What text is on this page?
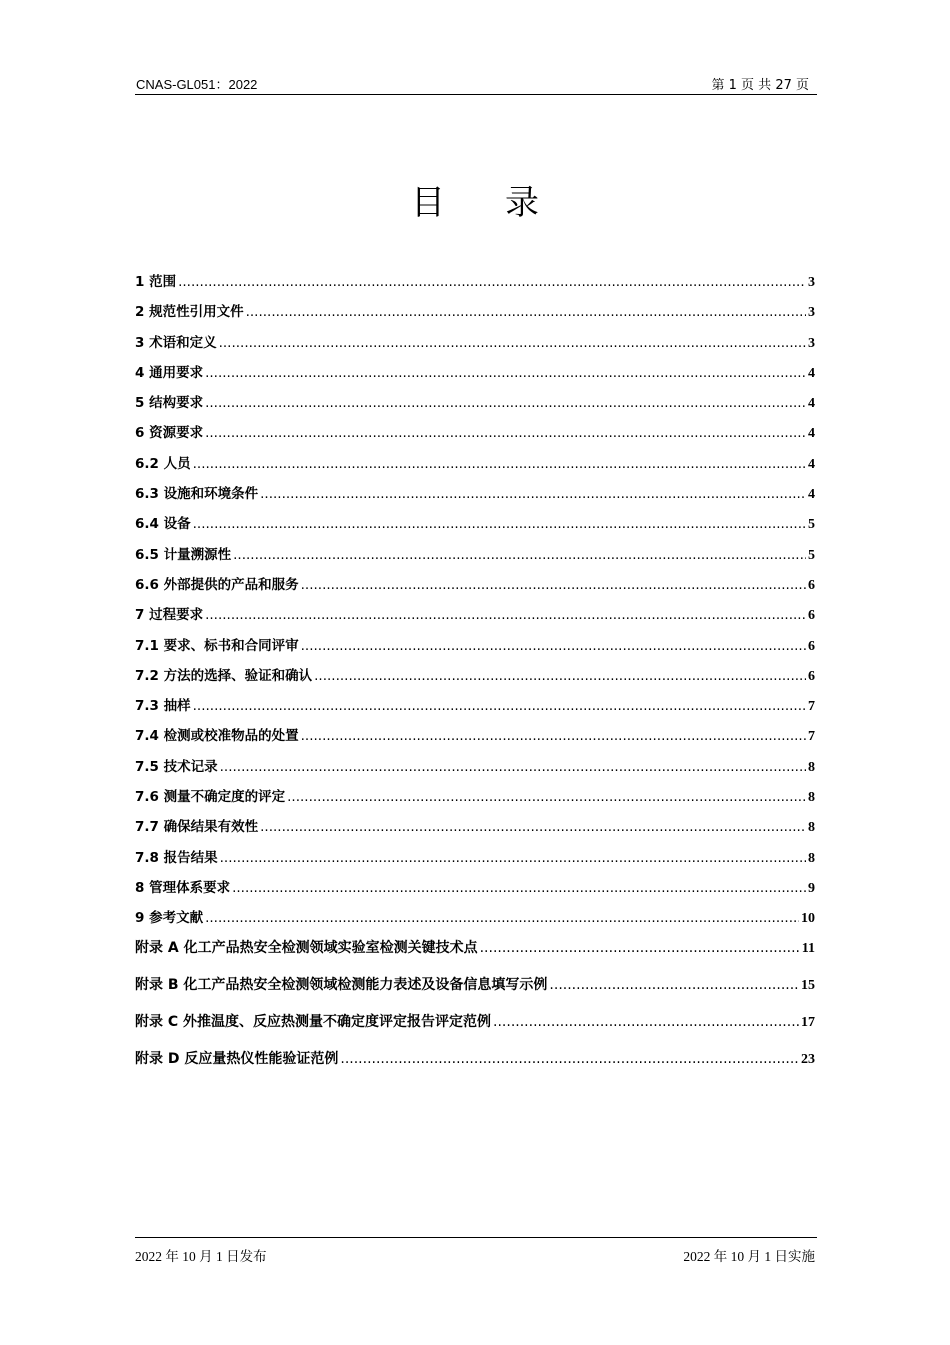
CNAS-GL051：2022	第 1 页 共 27 页
目录
1 范围 .....	3
2 规范性引用文件 .....	3
3 术语和定义 .....	3
4 通用要求 .....	4
5 结构要求 .....	4
6 资源要求 .....	4
6.2 人员 .....	4
6.3 设施和环境条件 .....	4
6.4 设备 .....	5
6.5 计量溯源性 .....	5
6.6 外部提供的产品和服务 .....	6
7 过程要求 .....	6
7.1 要求、标书和合同评审 .....	6
7.2 方法的选择、验证和确认 .....	6
7.3 抽样 .....	7
7.4 检测或校准物品的处置 .....	7
7.5 技术记录 .....	8
7.6 测量不确定度的评定 .....	8
7.7 确保结果有效性 .....	8
7.8 报告结果 .....	8
8 管理体系要求 .....	9
9 参考文献 .....	10
附录 A 化工产品热安全检测领域实验室检测关键技术点 .....	11
附录 B 化工产品热安全检测领域检测能力表述及设备信息填写示例 .....	15
附录 C 外推温度、反应热测量不确定度评定报告评定范例 .....	17
附录 D 反应量热仪性能验证范例 .....	23
2022 年 10 月 1 日发布	2022 年 10 月 1 日实施
